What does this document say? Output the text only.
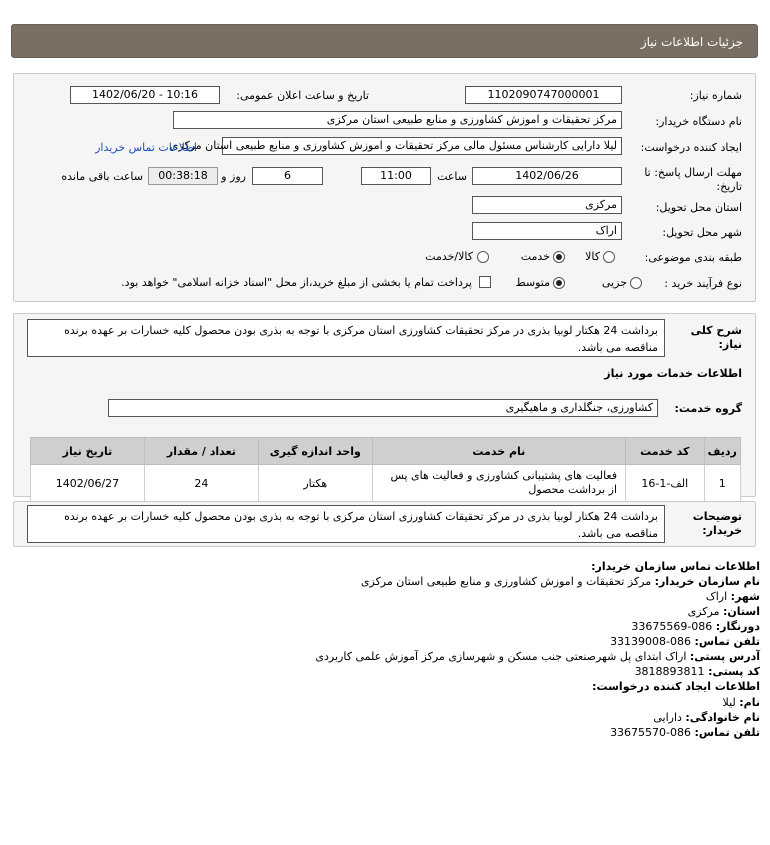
جزئیات اطلاعات نیاز
شماره نیاز:
1102090747000001
تاریخ و ساعت اعلان عمومی:
1402/06/20 - 10:16
نام دستگاه خریدار:
مرکز تحقیقات و اموزش کشاورزی و منابع طبیعی استان مرکزی
ایجاد کننده درخواست:
لیلا دارایی کارشناس مسئول مالی مرکز تحقیقات و اموزش کشاورزی و منابع طبیعی استان مرکزی
اطلاعات تماس خریدار
مهلت ارسال پاسخ: تا
تاریخ:
1402/06/26
ساعت
11:00
6
روز و
00:38:18
ساعت باقی مانده
استان محل تحویل:
مرکزی
شهر محل تحویل:
اراک
طبقه بندی موضوعی:
کالا
خدمت
کالا/خدمت
نوع فرآیند خرید :
جزیی
متوسط
پرداخت تمام یا بخشی از مبلغ خرید،از محل "اسناد خزانه اسلامی" خواهد بود.
شرح کلی
نیاز:
برداشت 24 هکتار لوبیا بذری در مرکز تحقیقات کشاورزی استان مرکزی با توجه به بذری بودن محصول کلیه خسارات بر عهده برنده مناقصه می باشد.
اطلاعات خدمات مورد نیاز
گروه خدمت:
کشاورزی، جنگلداری و ماهیگیری
ردیف	کد خدمت	نام خدمت	واحد اندازه گیری	تعداد / مقدار	تاریخ نیاز
1	الف-1-16	فعالیت های پشتیبانی کشاورزی و فعالیت های پس از برداشت محصول	هکتار	24	1402/06/27
توضیحات
خریدار:
برداشت 24 هکتار لوبیا بذری در مرکز تحقیقات کشاورزی استان مرکزی با توجه به بذری بودن محصول کلیه خسارات بر عهده برنده مناقصه می باشد.
اطلاعات تماس سازمان خریدار:
نام سازمان خریدار: مرکز تحقیقات و اموزش کشاورزی و منابع طبیعی استان مرکزی
شهر: اراک
استان: مرکزی
دورنگار: 33675569-086
تلفن تماس: 33139008-086
آدرس پستی: اراک ابتدای پل شهرصنعتی جنب مسکن و شهرسازی مرکز آموزش علمی کاربردی
کد پستی: 3818893811
اطلاعات ایجاد کننده درخواست:
نام: لیلا
نام خانوادگی: دارایی
تلفن تماس: 33675570-086
